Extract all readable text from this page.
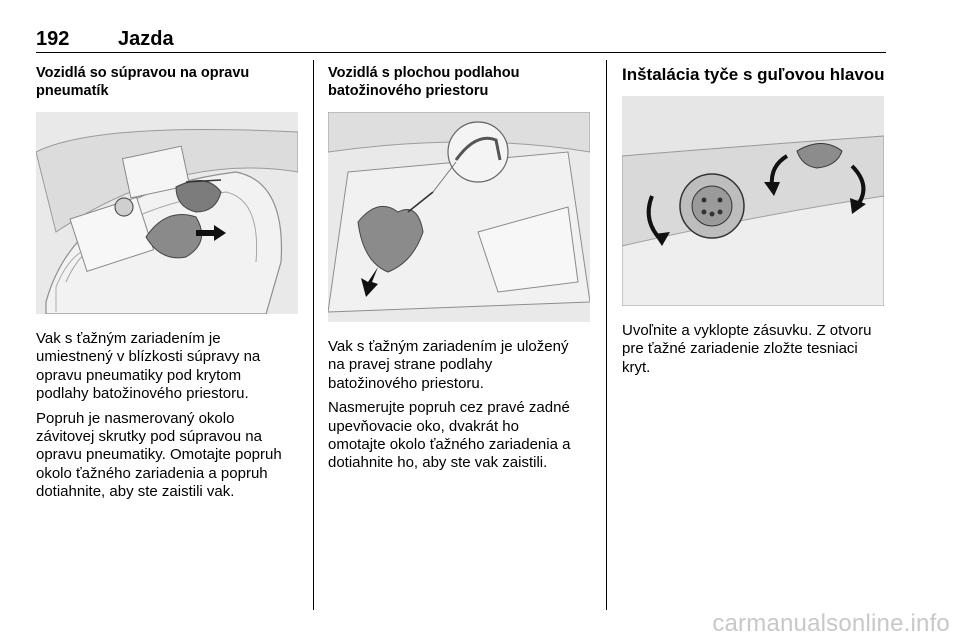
192 Jazda
Vozidlá so súpravou na opravu
pneumatík

Vak s ťažným zariadením je
umiestnený v blízkosti súpravy na
opravu pneumatiky pod krytom
podlahy batožinového priestoru.

Popruh je nasmerovaný okolo
závitovej skrutky pod súpravou na
opravu pneumatiky. Omotajte popruh
okolo ťažného zariadenia a popruh
dotiahnite, aby ste zaistili vak.

Vozidlá s plochou podlahou
batožinového priestoru

Vak s ťažným zariadením je uložený
na pravej strane podlahy
batožinového priestoru.

Nasmerujte popruh cez pravé zadné
upevňovacie oko, dvakrát ho
omotajte okolo ťažného zariadenia a
dotiahnite ho, aby ste vak zaistili.

Inštalácia tyče s guľovou hlavou

Uvoľnite a vyklopte zásuvku. Z otvoru
pre ťažné zariadenie zložte tesniaci
kryt.

carmanualsonline.info
